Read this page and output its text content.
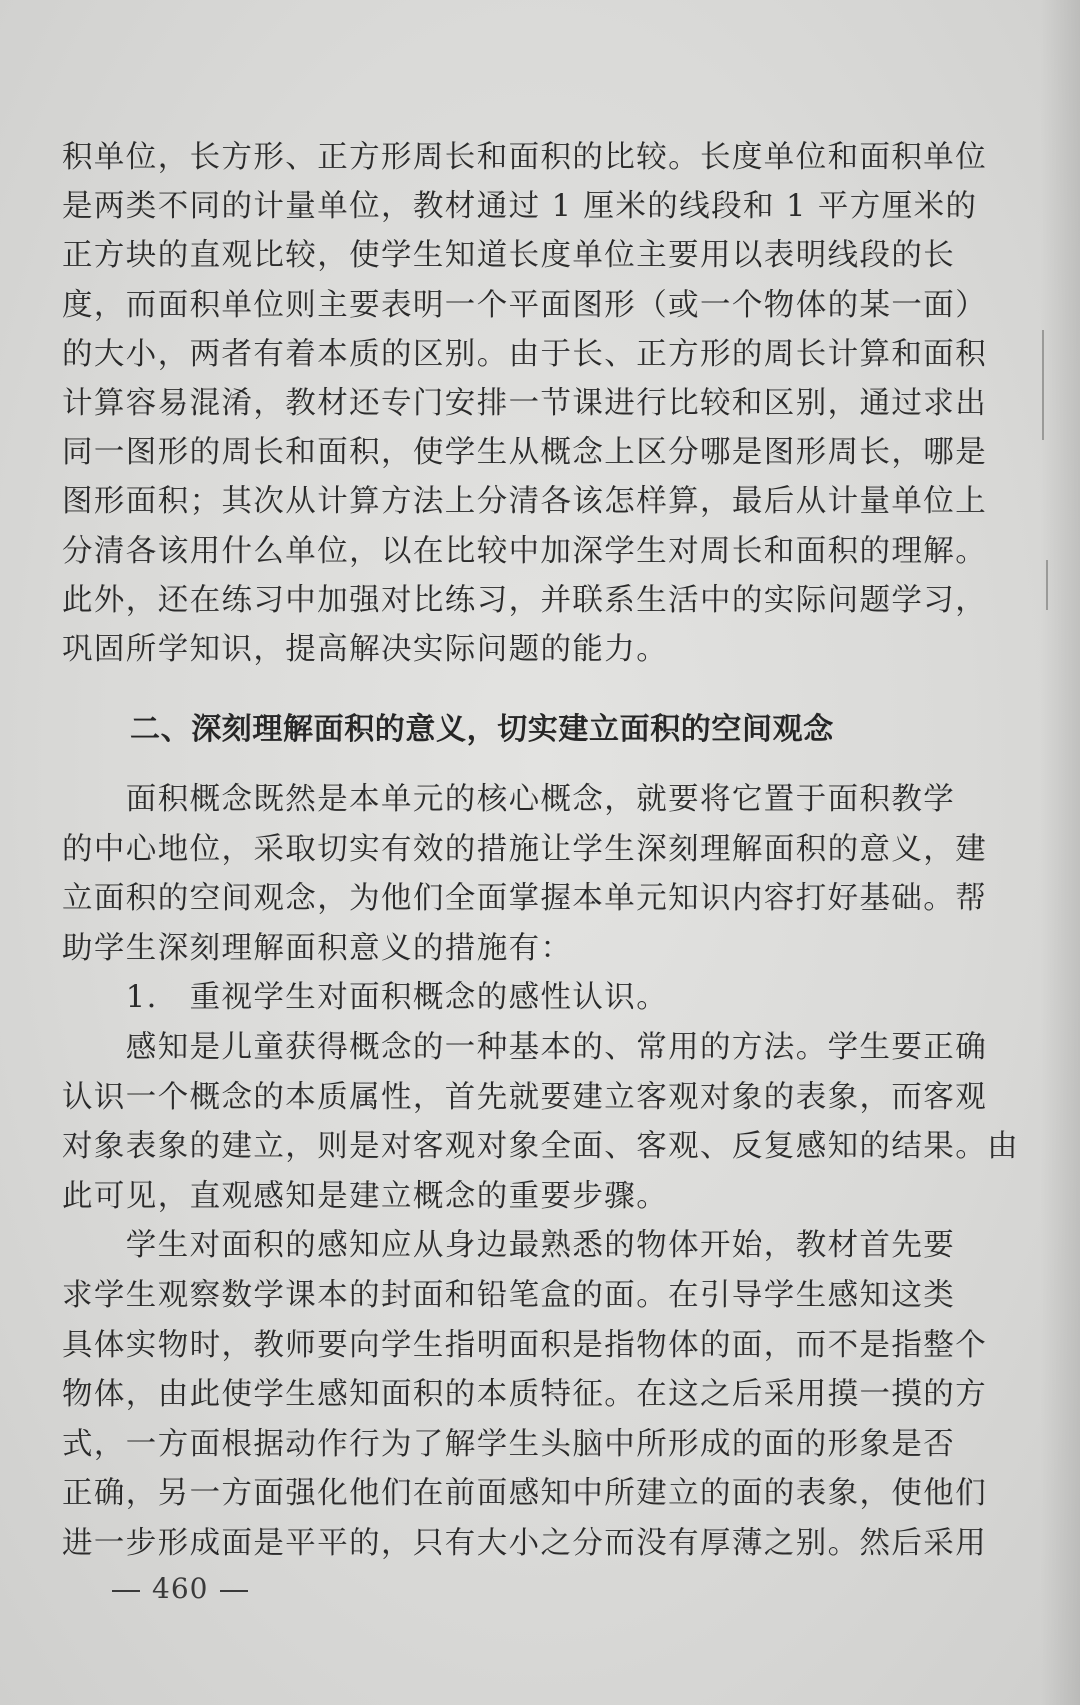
积单位，长方形、正方形周长和面积的比较。长度单位和面积单位
是两类不同的计量单位，教材通过 1 厘米的线段和 1 平方厘米的
正方块的直观比较，使学生知道长度单位主要用以表明线段的长
度，而面积单位则主要表明一个平面图形（或一个物体的某一面）
的大小，两者有着本质的区别。由于长、正方形的周长计算和面积
计算容易混淆，教材还专门安排一节课进行比较和区别，通过求出
同一图形的周长和面积，使学生从概念上区分哪是图形周长，哪是
图形面积；其次从计算方法上分清各该怎样算，最后从计量单位上
分清各该用什么单位，以在比较中加深学生对周长和面积的理解。
此外，还在练习中加强对比练习，并联系生活中的实际问题学习，
巩固所学知识，提高解决实际问题的能力。
二、深刻理解面积的意义，切实建立面积的空间观念
　　面积概念既然是本单元的核心概念，就要将它置于面积教学
的中心地位，采取切实有效的措施让学生深刻理解面积的意义，建
立面积的空间观念，为他们全面掌握本单元知识内容打好基础。帮
助学生深刻理解面积意义的措施有：
　　1.　重视学生对面积概念的感性认识。
　　感知是儿童获得概念的一种基本的、常用的方法。学生要正确
认识一个概念的本质属性，首先就要建立客观对象的表象，而客观
对象表象的建立，则是对客观对象全面、客观、反复感知的结果。由
此可见，直观感知是建立概念的重要步骤。
　　学生对面积的感知应从身边最熟悉的物体开始，教材首先要
求学生观察数学课本的封面和铅笔盒的面。在引导学生感知这类
具体实物时，教师要向学生指明面积是指物体的面，而不是指整个
物体，由此使学生感知面积的本质特征。在这之后采用摸一摸的方
式，一方面根据动作行为了解学生头脑中所形成的面的形象是否
正确，另一方面强化他们在前面感知中所建立的面的表象，使他们
进一步形成面是平平的，只有大小之分而没有厚薄之别。然后采用
460
